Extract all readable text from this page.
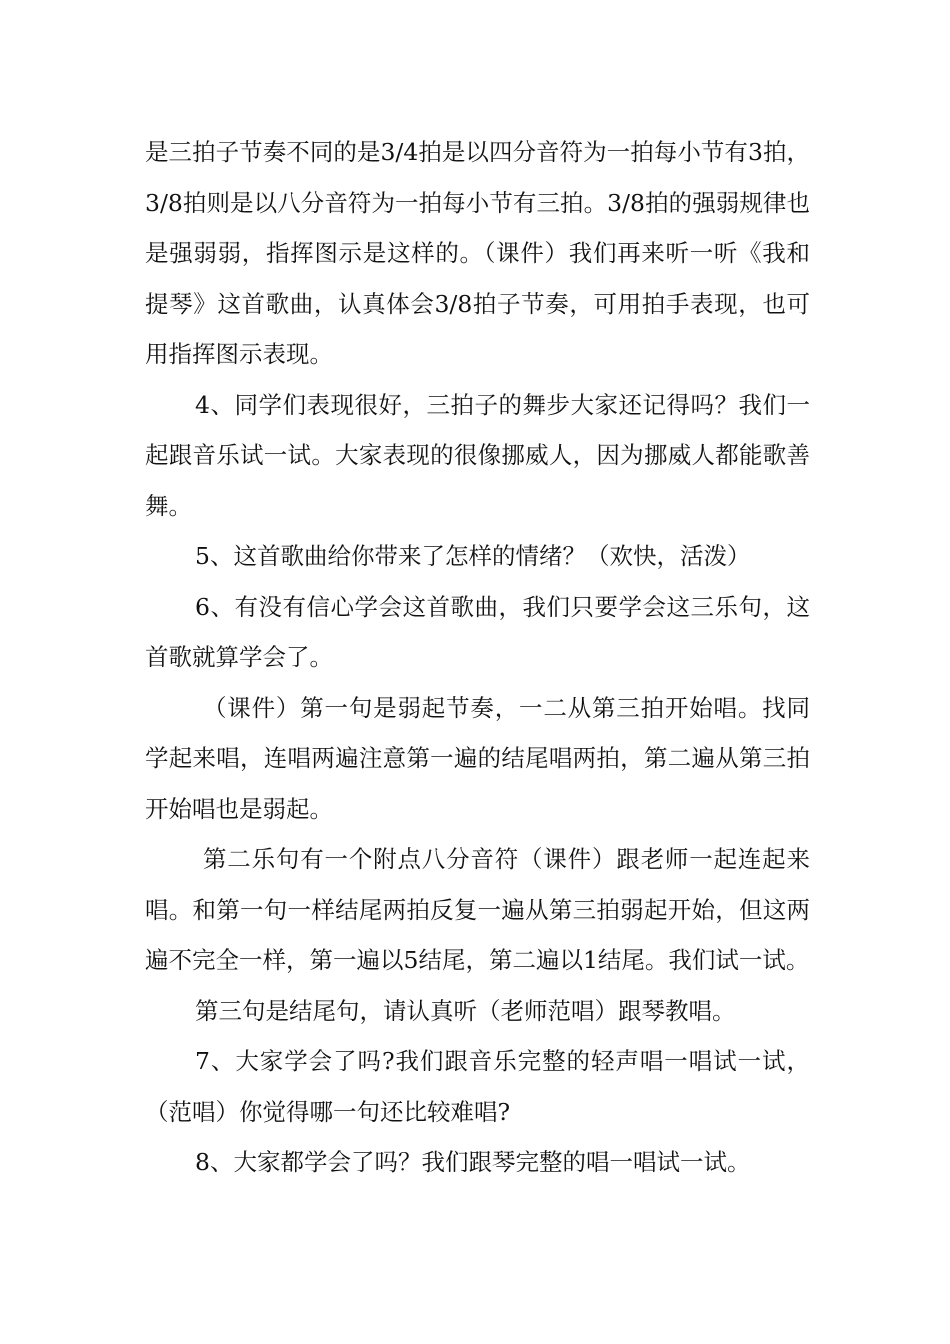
是三拍子节奏不同的是3/4拍是以四分音符为一拍每小节有3拍，3/8拍则是以八分音符为一拍每小节有三拍。3/8拍的强弱规律也是强弱弱，指挥图示是这样的。（课件）我们再来听一听《我和提琴》这首歌曲，认真体会3/8拍子节奏，可用拍手表现，也可用指挥图示表现。

4、同学们表现很好，三拍子的舞步大家还记得吗？我们一起跟音乐试一试。大家表现的很像挪威人，因为挪威人都能歌善舞。

5、这首歌曲给你带来了怎样的情绪？（欢快，活泼）

6、有没有信心学会这首歌曲，我们只要学会这三乐句，这首歌就算学会了。

（课件）第一句是弱起节奏，一二从第三拍开始唱。找同学起来唱，连唱两遍注意第一遍的结尾唱两拍，第二遍从第三拍开始唱也是弱起。

第二乐句有一个附点八分音符（课件）跟老师一起连起来唱。和第一句一样结尾两拍反复一遍从第三拍弱起开始，但这两遍不完全一样，第一遍以5结尾，第二遍以1结尾。我们试一试。

第三句是结尾句，请认真听（老师范唱）跟琴教唱。

7、大家学会了吗?我们跟音乐完整的轻声唱一唱试一试，（范唱）你觉得哪一句还比较难唱?

8、大家都学会了吗？我们跟琴完整的唱一唱试一试。
